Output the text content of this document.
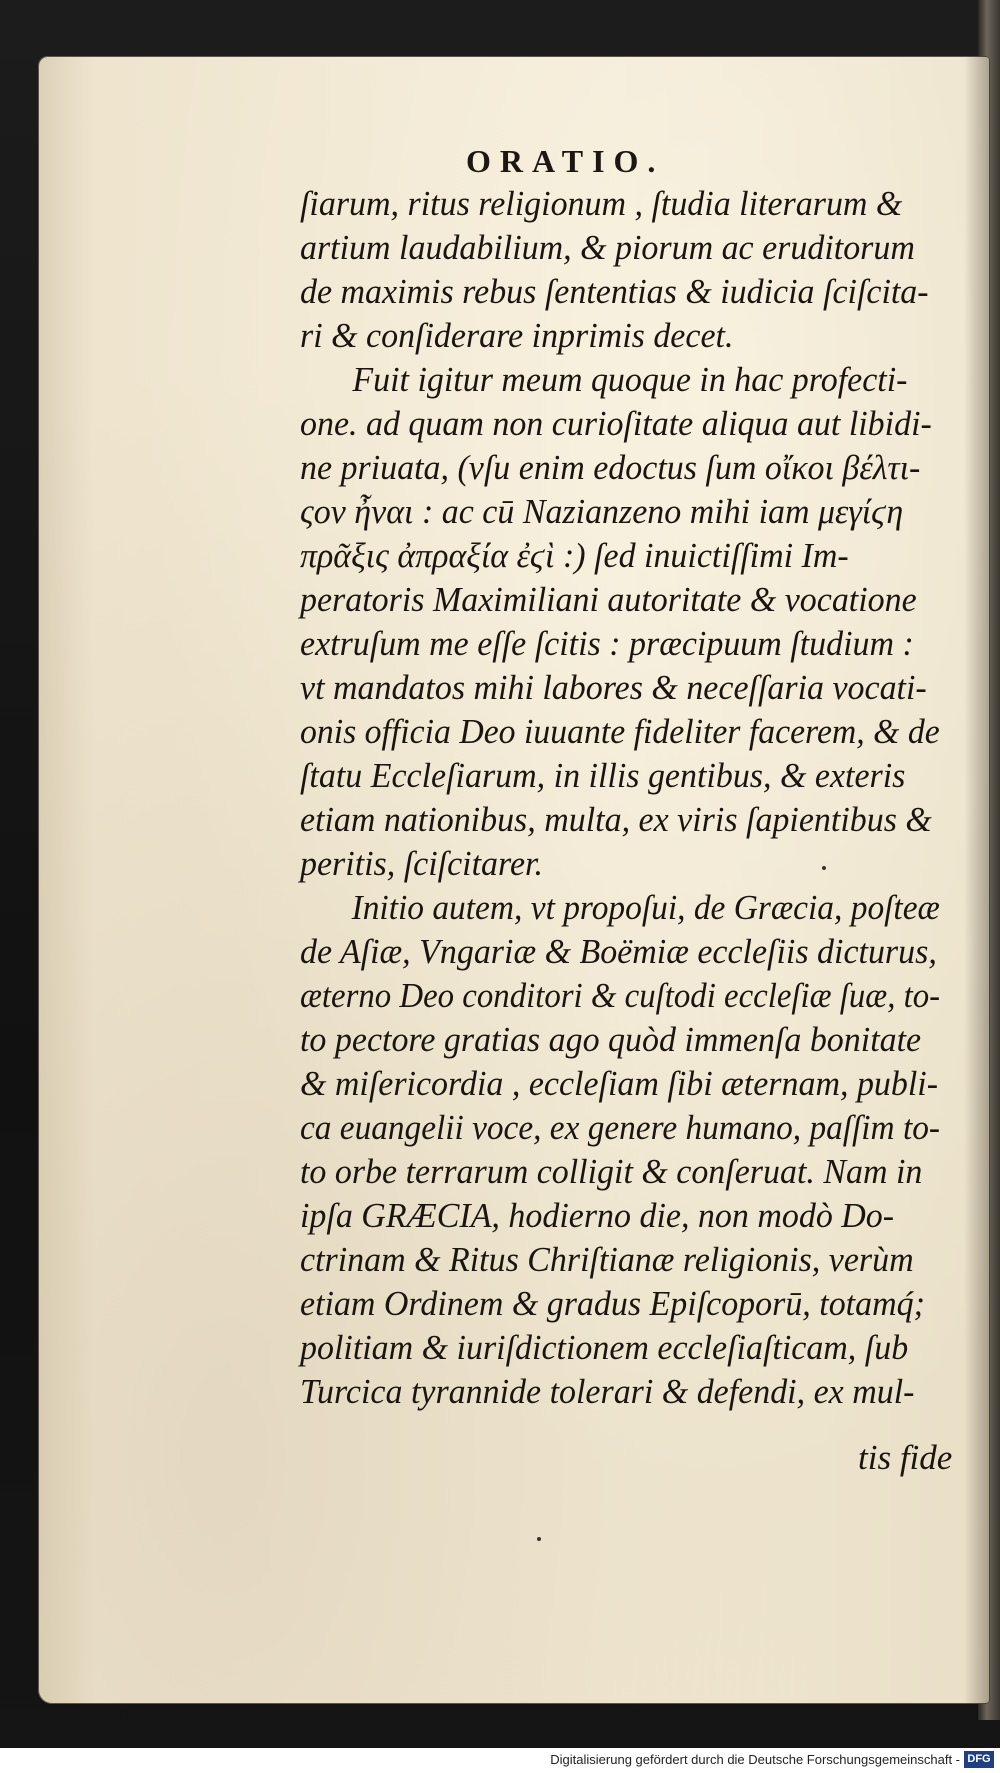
ORATIO.
ſiarum, ritus religionum , ſtudia literarum &
artium laudabilium, & piorum ac eruditorum
de maximis rebus ſententias & iudicia ſciſcita-
ri & conſiderare inprimis decet.
Fuit igitur meum quoque in hac profecti-
one. ad quam non curioſitate aliqua aut libidi-
ne priuata, (vſu enim edoctus ſum οἴκοι βέλτι-
ςον ἦναι : ac cū Nazianzeno mihi iam μεγίϛη
πρᾶξις ἀπραξία ἐϛὶ :) ſed inuictiſſimi Im-
peratoris Maximiliani autoritate & vocatione
extruſum me eſſe ſcitis : præcipuum ſtudium :
vt mandatos mihi labores & neceſſaria vocati-
onis officia Deo iuuante fideliter facerem, & de
ſtatu Eccleſiarum, in illis gentibus, & exteris
etiam nationibus, multa, ex viris ſapientibus &
peritis, ſciſcitarer.
Initio autem, vt propoſui, de Græcia, poſteæ
de Aſiæ, Vngariæ & Boëmiæ eccleſiis dicturus,
æterno Deo conditori & cuſtodi eccleſiæ ſuæ, to-
to pectore gratias ago quòd immenſa bonitate
& miſericordia , eccleſiam ſibi æternam, publi-
ca euangelii voce, ex genere humano, paſſim to-
to orbe terrarum colligit & conſeruat. Nam in
ipſa GRÆCIA, hodierno die, non modò Do-
ctrinam & Ritus Chriſtianæ religionis, verùm
etiam Ordinem & gradus Epiſcoporū, totamq́;
politiam & iuriſdictionem eccleſiaſticam, ſub
Turcica tyrannide tolerari & defendi, ex mul-
tis fide
Digitalisierung gefördert durch die Deutsche Forschungsgemeinschaft - DFG
